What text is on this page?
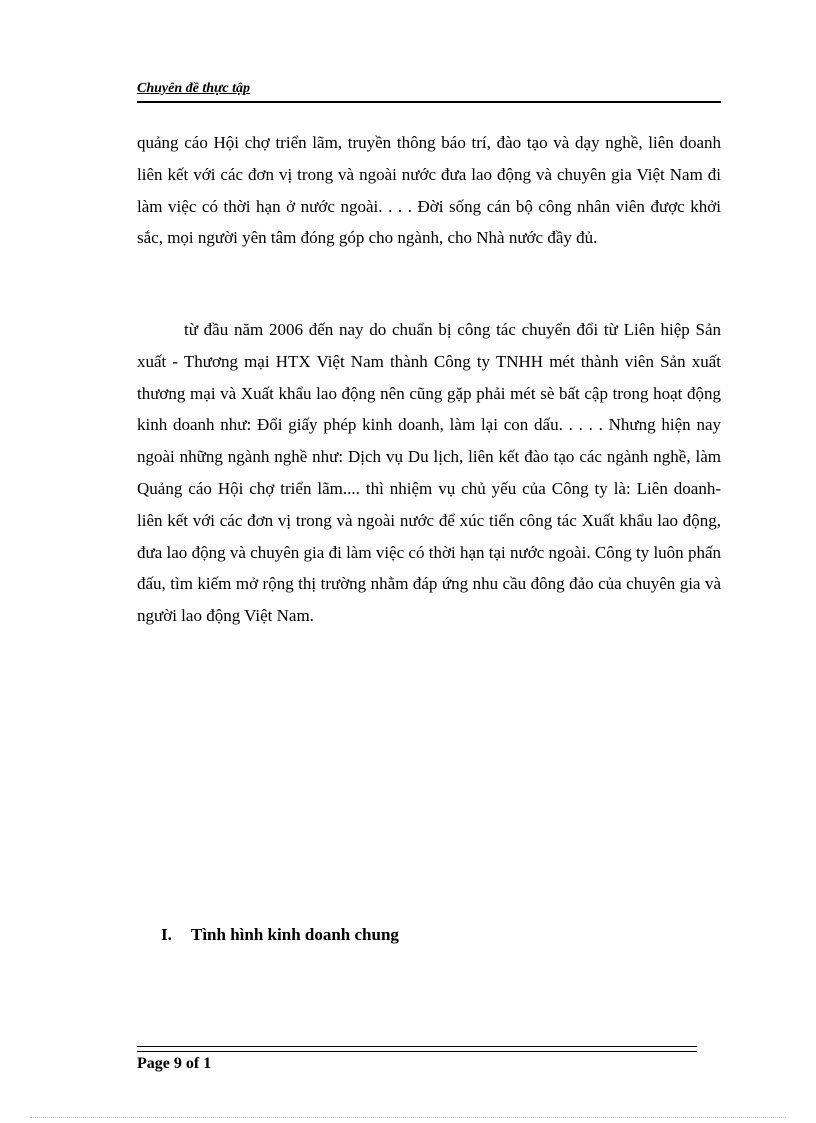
Chuyên đề thực tập

quảng cáo Hội chợ triển lãm, truyền thông báo trí, đào tạo và dạy nghề, liên doanh liên kết với các đơn vị trong và ngoài nước đưa lao động và chuyên gia Việt Nam đi làm việc có thời hạn ở nước ngoài. . . . Đời sống cán bộ công nhân viên được khởi sắc, mọi người yên tâm đóng góp cho ngành, cho Nhà nước đầy đủ.

từ đầu năm 2006 đến nay do chuẩn bị công tác chuyển đổi từ Liên hiệp Sản xuất - Thương mại HTX Việt Nam thành Công ty TNHH mét thành viên Sản xuất thương mại và Xuất khẩu lao động nên cũng gặp phải mét sè bất cập trong hoạt động kinh doanh như: Đổi giấy phép kinh doanh, làm lại con dấu. . . . . Nhưng hiện nay ngoài những ngành nghề như: Dịch vụ Du lịch, liên kết đào tạo các ngành nghề, làm Quảng cáo Hội chợ triển lãm.... thì nhiệm vụ chủ yếu của Công ty là: Liên doanh- liên kết với các đơn vị trong và ngoài nước để xúc tiến công tác Xuất khẩu lao động, đưa lao động và chuyên gia đi làm việc có thời hạn tại nước ngoài. Công ty luôn phấn đấu, tìm kiếm mở rộng thị trường nhằm đáp ứng nhu cầu đông đảo của chuyên gia và người lao động Việt Nam.

I. Tình hình kinh doanh chung
Page 9 of 1
